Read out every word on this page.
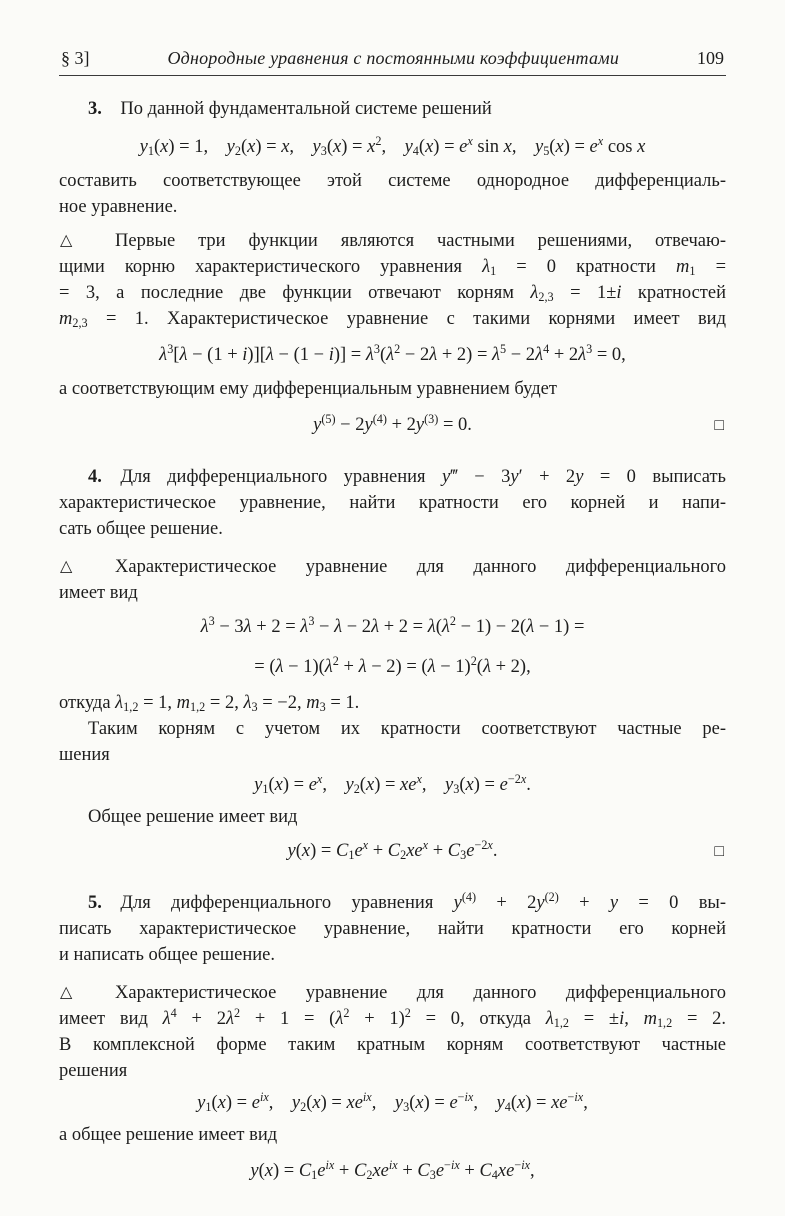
§ 3]	Однородные уравнения с постоянными коэффициентами	109
3. По данной фундаментальной системе решений
$y_1(x) = 1$, $y_2(x) = x$, $y_3(x) = x^2$, $y_4(x) = e^x$ sin x, $y_5(x) = e^x$ cos x
составить соответствующее этой системе однородное дифференциаль-
ное уравнение.
△	Первые три функции являются частными решениями, отвечаю-
щими корню характеристического уравнения $\lambda_1 = 0$ кратности $m_1$ =
= 3, а последние две функции отвечают корням $\lambda_{2,3} = 1\pm i$ кратностей
$m_{2,3} = 1$. Характеристическое уравнение с такими корнями имеет вид
$\lambda^3[\lambda - (1 + i)][\lambda - (1 - i)] = \lambda^3(\lambda^2 - 2\lambda + 2) = \lambda^5 - 2\lambda^4 + 2\lambda^3 = 0$,
а соответствующим ему дифференциальным уравнением будет
$y^{(5)} - 2y^{(4)} + 2y^{(3)} = 0$.	□
4. Для дифференциального уравнения y‴ − 3y′ + 2y = 0 выписать
характеристическое уравнение, найти кратности его корней и напи-
сать общее решение.
△	Характеристическое уравнение для данного дифференциального
имеет вид
$\lambda^3 - 3\lambda + 2 = \lambda^3 - \lambda - 2\lambda + 2 = \lambda(\lambda^2 - 1) - 2(\lambda - 1)$ =
= $(\lambda - 1)(\lambda^2 + \lambda - 2) = (\lambda - 1)^2(\lambda + 2)$,
откуда $\lambda_{1,2} = 1$, $m_{1,2} = 2$, $\lambda_3 = -2$, $m_3 = 1$.
Таким корням с учетом их кратности соответствуют частные ре-
шения
$y_1(x) = e^x$, $y_2(x) = xe^x$, $y_3(x) = e^{-2x}$.
Общее решение имеет вид
$y(x) = C_1e^x + C_2xe^x + C_3e^{-2x}$.	□
5. Для дифференциального уравнения $y^{(4)} + 2y^{(2)} + y = 0$ вы-
писать характеристическое уравнение, найти кратности его корней
и написать общее решение.
△	Характеристическое уравнение для данного дифференциального
имеет вид $\lambda^4 + 2\lambda^2 + 1 = (\lambda^2 + 1)^2 = 0$, откуда $\lambda_{1,2} = \pm i$, $m_{1,2} = 2$.
В комплексной форме таким кратным корням соответствуют частные
решения
$y_1(x) = e^{ix}$, $y_2(x) = xe^{ix}$, $y_3(x) = e^{-ix}$, $y_4(x) = xe^{-ix}$,
а общее решение имеет вид
$y(x) = C_1e^{ix} + C_2xe^{ix} + C_3e^{-ix} + C_4xe^{-ix}$,
